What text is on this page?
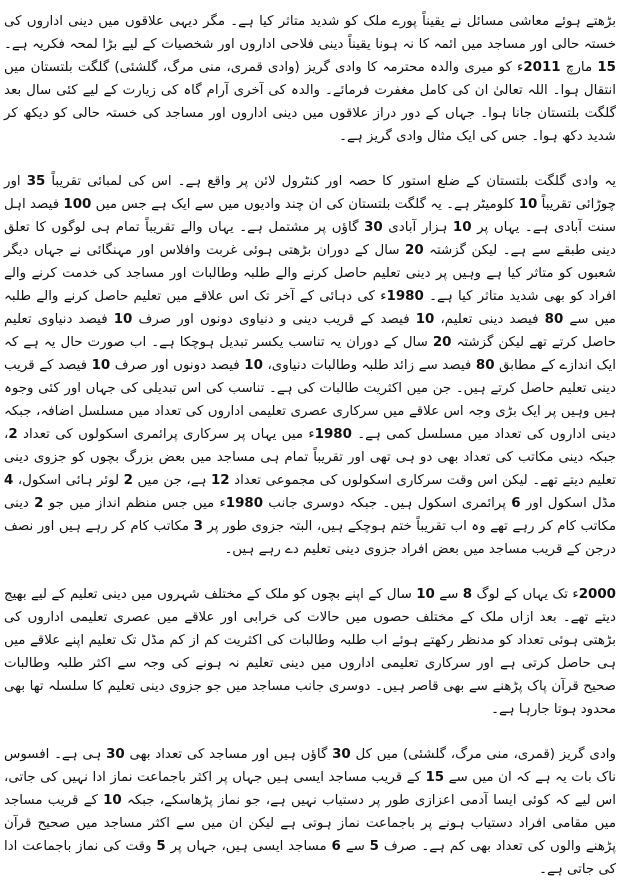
بڑھتے ہوئے معاشی مسائل نے یقیناً پورے ملک کو شدید متاثر کیا ہے۔ مگر دیہی علاقوں میں دینی اداروں کی خستہ حالی اور مساجد میں ائمہ کا نہ ہونا یقیناً دینی فلاحی اداروں اور شخصیات کے لیے بڑا لمحہ فکریہ ہے۔ 15 مارچ 2011ء کو میری والدہ محترمہ کا وادی گریز (وادی قمری، منی مرگ، گلشئی) گلگت بلتستان میں انتقال ہوا۔ اللہ تعالیٰ ان کی کامل مغفرت فرمائے۔ والدہ کی آخری آرام گاہ کی زیارت کے لیے کئی سال بعد گلگت بلتستان جانا ہوا۔ جہاں کے دور دراز علاقوں میں دینی اداروں اور مساجد کی خستہ حالی کو دیکھ کر شدید دکھ ہوا۔ جس کی ایک مثال وادی گریز ہے۔

یہ وادی گلگت بلتستان کے ضلع استور کا حصہ اور کنٹرول لائن پر واقع ہے۔ اس کی لمبائی تقریباً 35 اور چوڑائی تقریباً 10 کلومیٹر ہے۔ یہ گلگت بلتستان کی ان چند وادیوں میں سے ایک ہے جس میں 100 فیصد اہل سنت آبادی ہے۔ یہاں پر 10 ہزار آبادی 30 گاؤں پر مشتمل ہے۔ یہاں والے تقریباً تمام ہی لوگوں کا تعلق دینی طبقے سے ہے۔ لیکن گزشتہ 20 سال کے دوران بڑھتی ہوئی غربت وافلاس اور مہنگائی نے جہاں دیگر شعبوں کو متاثر کیا ہے وہیں پر دینی تعلیم حاصل کرنے والے طلبہ وطالبات اور مساجد کی خدمت کرنے والے افراد کو بھی شدید متاثر کیا ہے۔ 1980ء کی دہائی کے آخر تک اس علاقے میں تعلیم حاصل کرنے والے طلبہ میں سے 80 فیصد دینی تعلیم، 10 فیصد کے قریب دینی و دنیاوی دونوں اور صرف 10 فیصد دنیاوی تعلیم حاصل کرتے تھے لیکن گزشتہ 20 سال کے دوران یہ تناسب یکسر تبدیل ہوچکا ہے۔ اب صورت حال یہ ہے کہ ایک اندازے کے مطابق 80 فیصد سے زائد طلبہ وطالبات دنیاوی، 10 فیصد دونوں اور صرف 10 فیصد کے قریب دینی تعلیم حاصل کرتے ہیں۔ جن میں اکثریت طالبات کی ہے۔ تناسب کی اس تبدیلی کی جہاں اور کئی وجوہ ہیں وہیں پر ایک بڑی وجہ اس علاقے میں سرکاری عصری تعلیمی اداروں کی تعداد میں مسلسل اضافہ، جبکہ دینی اداروں کی تعداد میں مسلسل کمی ہے۔ 1980ء میں یہاں پر سرکاری پرائمری اسکولوں کی تعداد 2، جبکہ دینی مکاتب کی تعداد بھی دو ہی تھی اور تقریباً تمام ہی مساجد میں بعض بزرگ بچوں کو جزوی دینی تعلیم دیتے تھے۔ لیکن اس وقت سرکاری اسکولوں کی مجموعی تعداد 12 ہے، جن میں 2 لوئر ہائی اسکول، 4 مڈل اسکول اور 6 پرائمری اسکول ہیں۔ جبکہ دوسری جانب 1980ء میں جس منظم انداز میں جو 2 دینی مکاتب کام کر رہے تھے وہ اب تقریباً ختم ہوچکے ہیں، البتہ جزوی طور پر 3 مکاتب کام کر رہے ہیں اور نصف درجن کے قریب مساجد میں بعض افراد جزوی دینی تعلیم دے رہے ہیں۔

2000ء تک یہاں کے لوگ 8 سے 10 سال کے اپنے بچوں کو ملک کے مختلف شہروں میں دینی تعلیم کے لیے بھیج دیتے تھے۔ بعد ازاں ملک کے مختلف حصوں میں حالات کی خرابی اور علاقے میں عصری تعلیمی اداروں کی بڑھتی ہوئی تعداد کو مدنظر رکھتے ہوئے اب طلبہ وطالبات کی اکثریت کم از کم مڈل تک تعلیم اپنے علاقے میں ہی حاصل کرتی ہے اور سرکاری تعلیمی اداروں میں دینی تعلیم نہ ہونے کی وجہ سے اکثر طلبہ وطالبات صحیح قرآن پاک پڑھنے سے بھی قاصر ہیں۔ دوسری جانب مساجد میں جو جزوی دینی تعلیم کا سلسلہ تھا بھی محدود ہوتا جارہا ہے۔

وادی گریز (قمری، منی مرگ، گلشئی) میں کل 30 گاؤں ہیں اور مساجد کی تعداد بھی 30 ہی ہے۔ افسوس ناک بات یہ ہے کہ ان میں سے 15 کے قریب مساجد ایسی ہیں جہاں پر اکثر باجماعت نماز ادا نہیں کی جاتی، اس لیے کہ کوئی ایسا آدمی اعزازی طور پر دستیاب نہیں ہے، جو نماز پڑھاسکے، جبکہ 10 کے قریب مساجد میں مقامی افراد دستیاب ہونے پر باجماعت نماز ہوتی ہے لیکن ان میں سے اکثر مساجد میں صحیح قرآن پڑھنے والوں کی تعداد بھی کم ہے۔ صرف 5 سے 6 مساجد ایسی ہیں، جہاں پر 5 وقت کی نماز باجماعت ادا کی جاتی ہے۔
